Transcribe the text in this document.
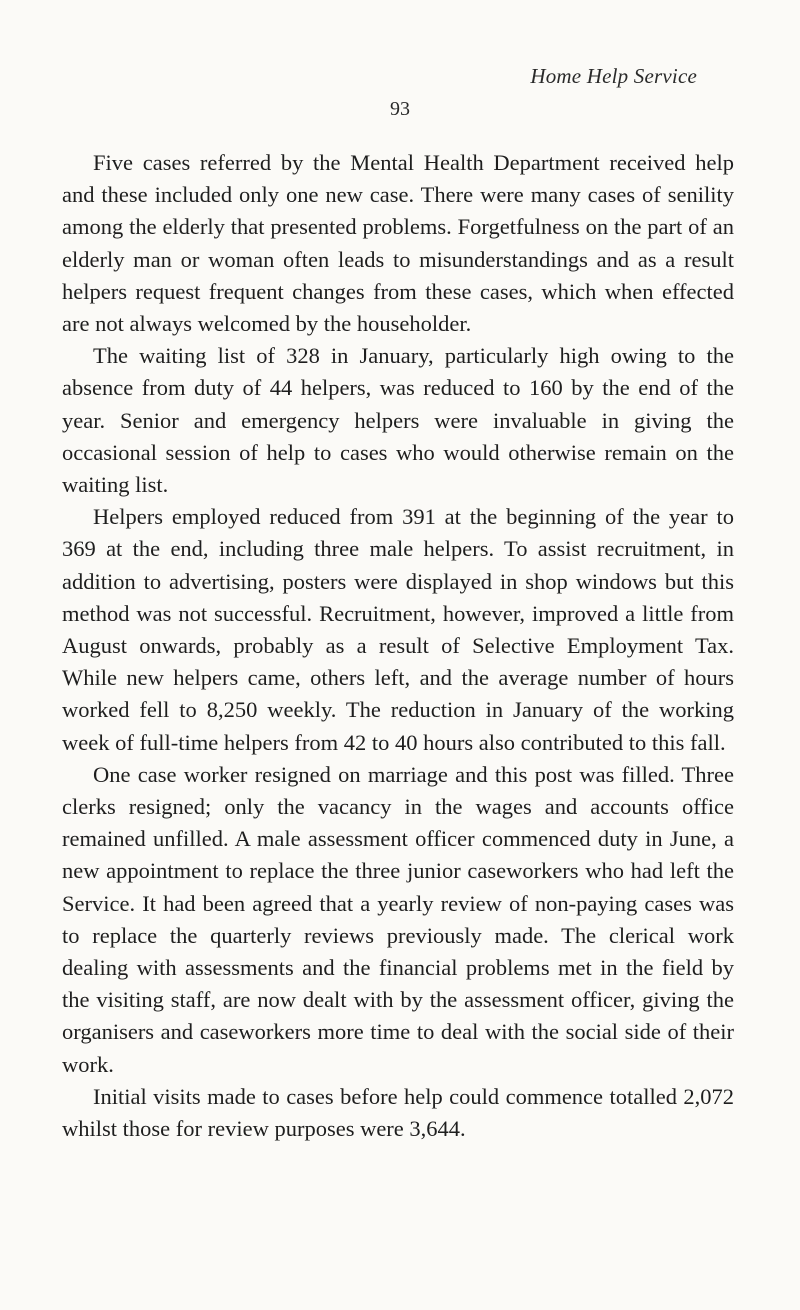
Home Help Service
93

Five cases referred by the Mental Health Department received help and these included only one new case. There were many cases of senility among the elderly that presented problems. Forgetfulness on the part of an elderly man or woman often leads to misunderstandings and as a result helpers request frequent changes from these cases, which when effected are not always welcomed by the householder.

The waiting list of 328 in January, particularly high owing to the absence from duty of 44 helpers, was reduced to 160 by the end of the year. Senior and emergency helpers were invaluable in giving the occasional session of help to cases who would otherwise remain on the waiting list.

Helpers employed reduced from 391 at the beginning of the year to 369 at the end, including three male helpers. To assist recruitment, in addition to advertising, posters were displayed in shop windows but this method was not successful. Recruitment, however, improved a little from August onwards, probably as a result of Selective Employment Tax. While new helpers came, others left, and the average number of hours worked fell to 8,250 weekly. The reduction in January of the working week of full-time helpers from 42 to 40 hours also contributed to this fall.

One case worker resigned on marriage and this post was filled. Three clerks resigned; only the vacancy in the wages and accounts office remained unfilled. A male assessment officer commenced duty in June, a new appointment to replace the three junior caseworkers who had left the Service. It had been agreed that a yearly review of non-paying cases was to replace the quarterly reviews previously made. The clerical work dealing with assessments and the financial problems met in the field by the visiting staff, are now dealt with by the assessment officer, giving the organisers and caseworkers more time to deal with the social side of their work.

Initial visits made to cases before help could commence totalled 2,072 whilst those for review purposes were 3,644.
